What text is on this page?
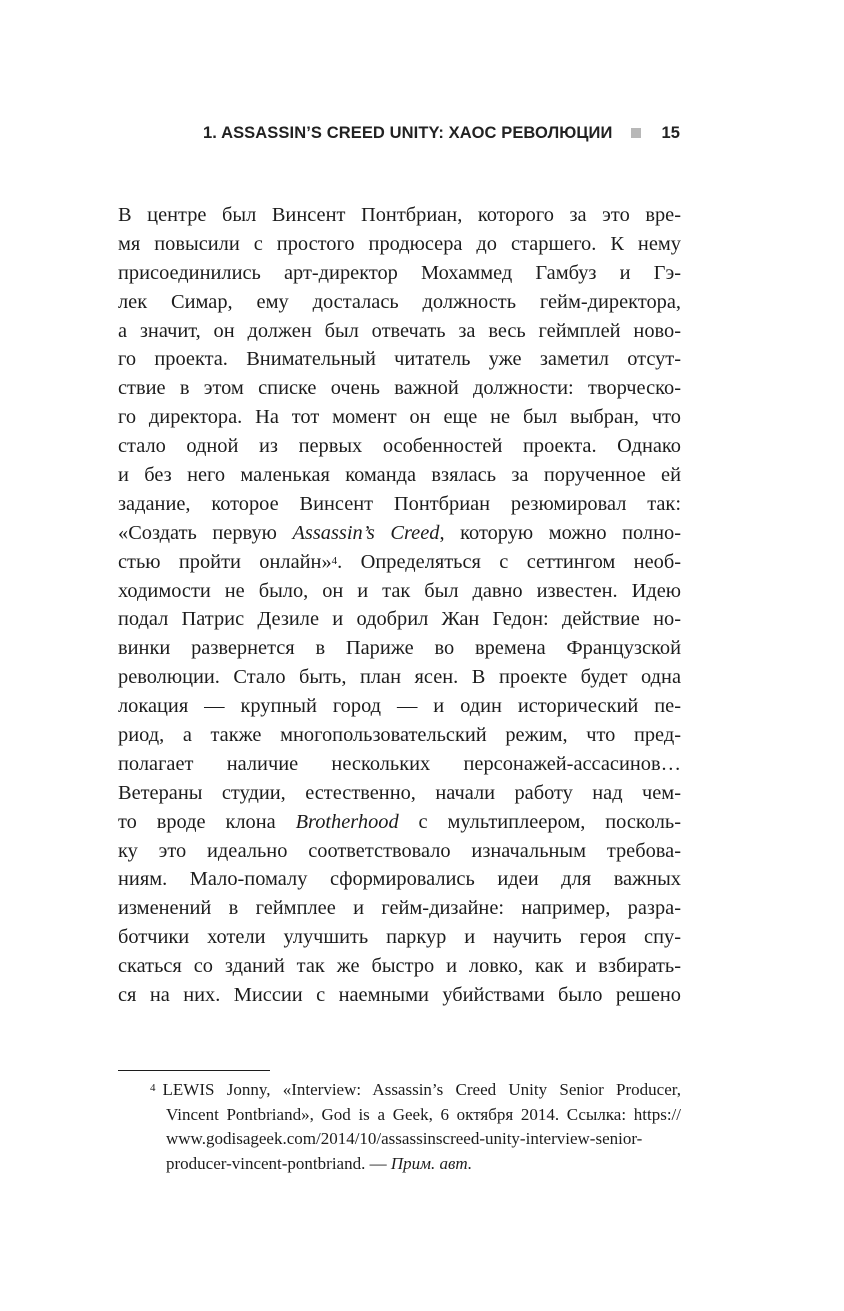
1. ASSASSIN’S CREED UNITY: ХАОС РЕВОЛЮЦИИ	15
В центре был Винсент Понтбриан, которого за это вре-
мя повысили с простого продюсера до старшего. К нему
присоединились арт-директор Мохаммед Гамбуз и Гэ-
лек Симар, ему досталась должность гейм-директора,
а значит, он должен был отвечать за весь геймплей ново-
го проекта. Внимательный читатель уже заметил отсут-
ствие в этом списке очень важной должности: творческо-
го директора. На тот момент он еще не был выбран, что
стало одной из первых особенностей проекта. Однако
и без него маленькая команда взялась за порученное ей
задание, которое Винсент Понтбриан резюмировал так:
«Создать первую Assassin’s Creed, которую можно полно-
стью пройти онлайн»$^4$. Определяться с сеттингом необ-
ходимости не было, он и так был давно известен. Идею
подал Патрис Дезиле и одобрил Жан Гедон: действие но-
винки развернется в Париже во времена Французской
революции. Стало быть, план ясен. В проекте будет одна
локация — крупный город — и один исторический пе-
риод, а также многопользовательский режим, что пред-
полагает наличие нескольких персонажей-ассасинов…
Ветераны студии, естественно, начали работу над чем-
то вроде клона Brotherhood с мультиплеером, посколь-
ку это идеально соответствовало изначальным требова-
ниям. Мало-помалу сформировались идеи для важных
изменений в геймплее и гейм-дизайне: например, разра-
ботчики хотели улучшить паркур и научить героя спу-
скаться со зданий так же быстро и ловко, как и взбирать-
ся на них. Миссии с наемными убийствами было решено
$^4$ LEWIS Jonny, «Interview: Assassin’s Creed Unity Senior Producer,
Vincent Pontbriand», God is a Geek, 6 октября 2014. Ссылка: https://
www.godisageek.com/2014/10/assassinscreed-unity-interview-senior-
producer-vincent-pontbriand. — Прим. авт.
